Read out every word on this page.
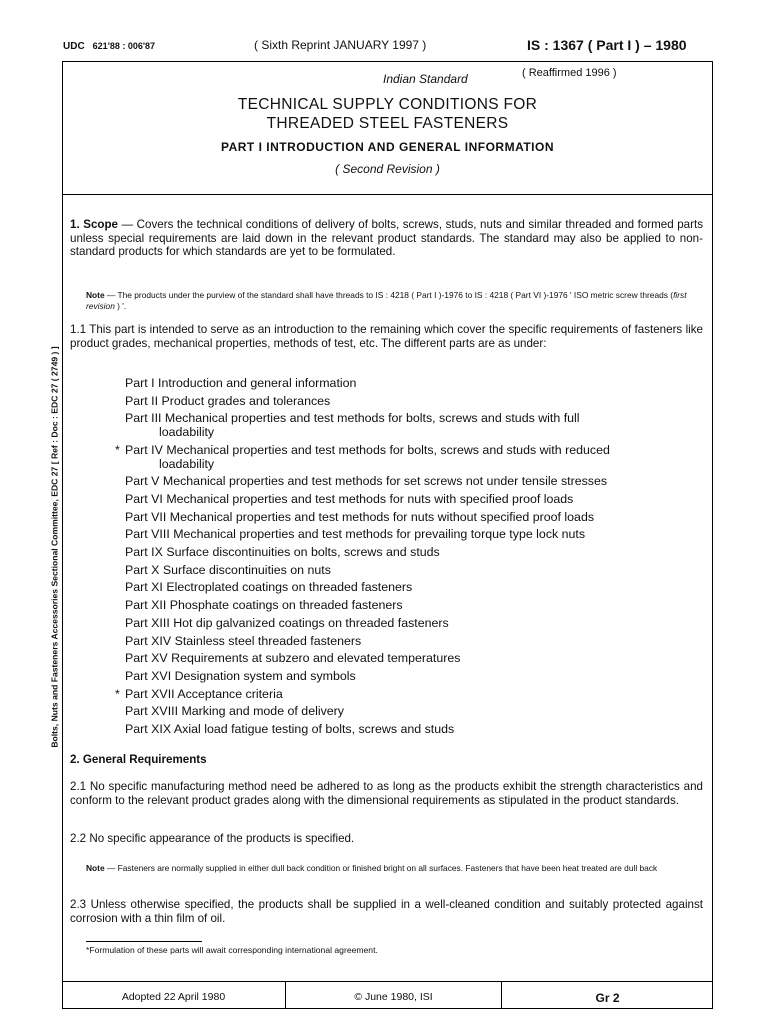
UDC 621'88 : 006'87	( Sixth Reprint JANUARY 1997 )	IS : 1367 ( Part I ) – 1980
Indian Standard	( Reaffirmed 1996 )
TECHNICAL SUPPLY CONDITIONS FOR
THREADED STEEL FASTENERS
PART I INTRODUCTION AND GENERAL INFORMATION
( Second Revision )
Bolts, Nuts and Fasteners Accessories Sectional Committee, EDC 27 [ Ref : Doc : EDC 27 ( 2749 ) ]
1. Scope — Covers the technical conditions of delivery of bolts, screws, studs, nuts and similar threaded and formed parts unless special requirements are laid down in the relevant product standards. The standard may also be applied to non-standard products for which standards are yet to be formulated.
Note — The products under the purview of the standard shall have threads to IS : 4218 ( Part I )-1976 to IS : 4218 ( Part VI )-1976 ' ISO metric screw threads (first revision ) '.
1.1 This part is intended to serve as an introduction to the remaining which cover the specific requirements of fasteners like product grades, mechanical properties, methods of test, etc. The different parts are as under:
Part I Introduction and general information
Part II Product grades and tolerances
Part III Mechanical properties and test methods for bolts, screws and studs with full
loadability
* Part IV Mechanical properties and test methods for bolts, screws and studs with reduced
loadability
Part V Mechanical properties and test methods for set screws not under tensile stresses
Part VI Mechanical properties and test methods for nuts with specified proof loads
Part VII Mechanical properties and test methods for nuts without specified proof loads
Part VIII Mechanical properties and test methods for prevailing torque type lock nuts
Part IX Surface discontinuities on bolts, screws and studs
Part X Surface discontinuities on nuts
Part XI Electroplated coatings on threaded fasteners
Part XII Phosphate coatings on threaded fasteners
Part XIII Hot dip galvanized coatings on threaded fasteners
Part XIV Stainless steel threaded fasteners
Part XV Requirements at subzero and elevated temperatures
Part XVI Designation system and symbols
* Part XVII Acceptance criteria
Part XVIII Marking and mode of delivery
Part XIX Axial load fatigue testing of bolts, screws and studs
2. General Requirements
2.1 No specific manufacturing method need be adhered to as long as the products exhibit the strength characteristics and conform to the relevant product grades along with the dimensional requirements as stipulated in the product standards.
2.2 No specific appearance of the products is specified.
Note — Fasteners are normally supplied in either dull back condition or finished bright on all surfaces. Fasteners that have been heat treated are dull back
2.3 Unless otherwise specified, the products shall be supplied in a well-cleaned condition and suitably protected against corrosion with a thin film of oil.
*Formulation of these parts will await corresponding international agreement.
Adopted 22 April 1980	© June 1980, ISI	Gr 2
